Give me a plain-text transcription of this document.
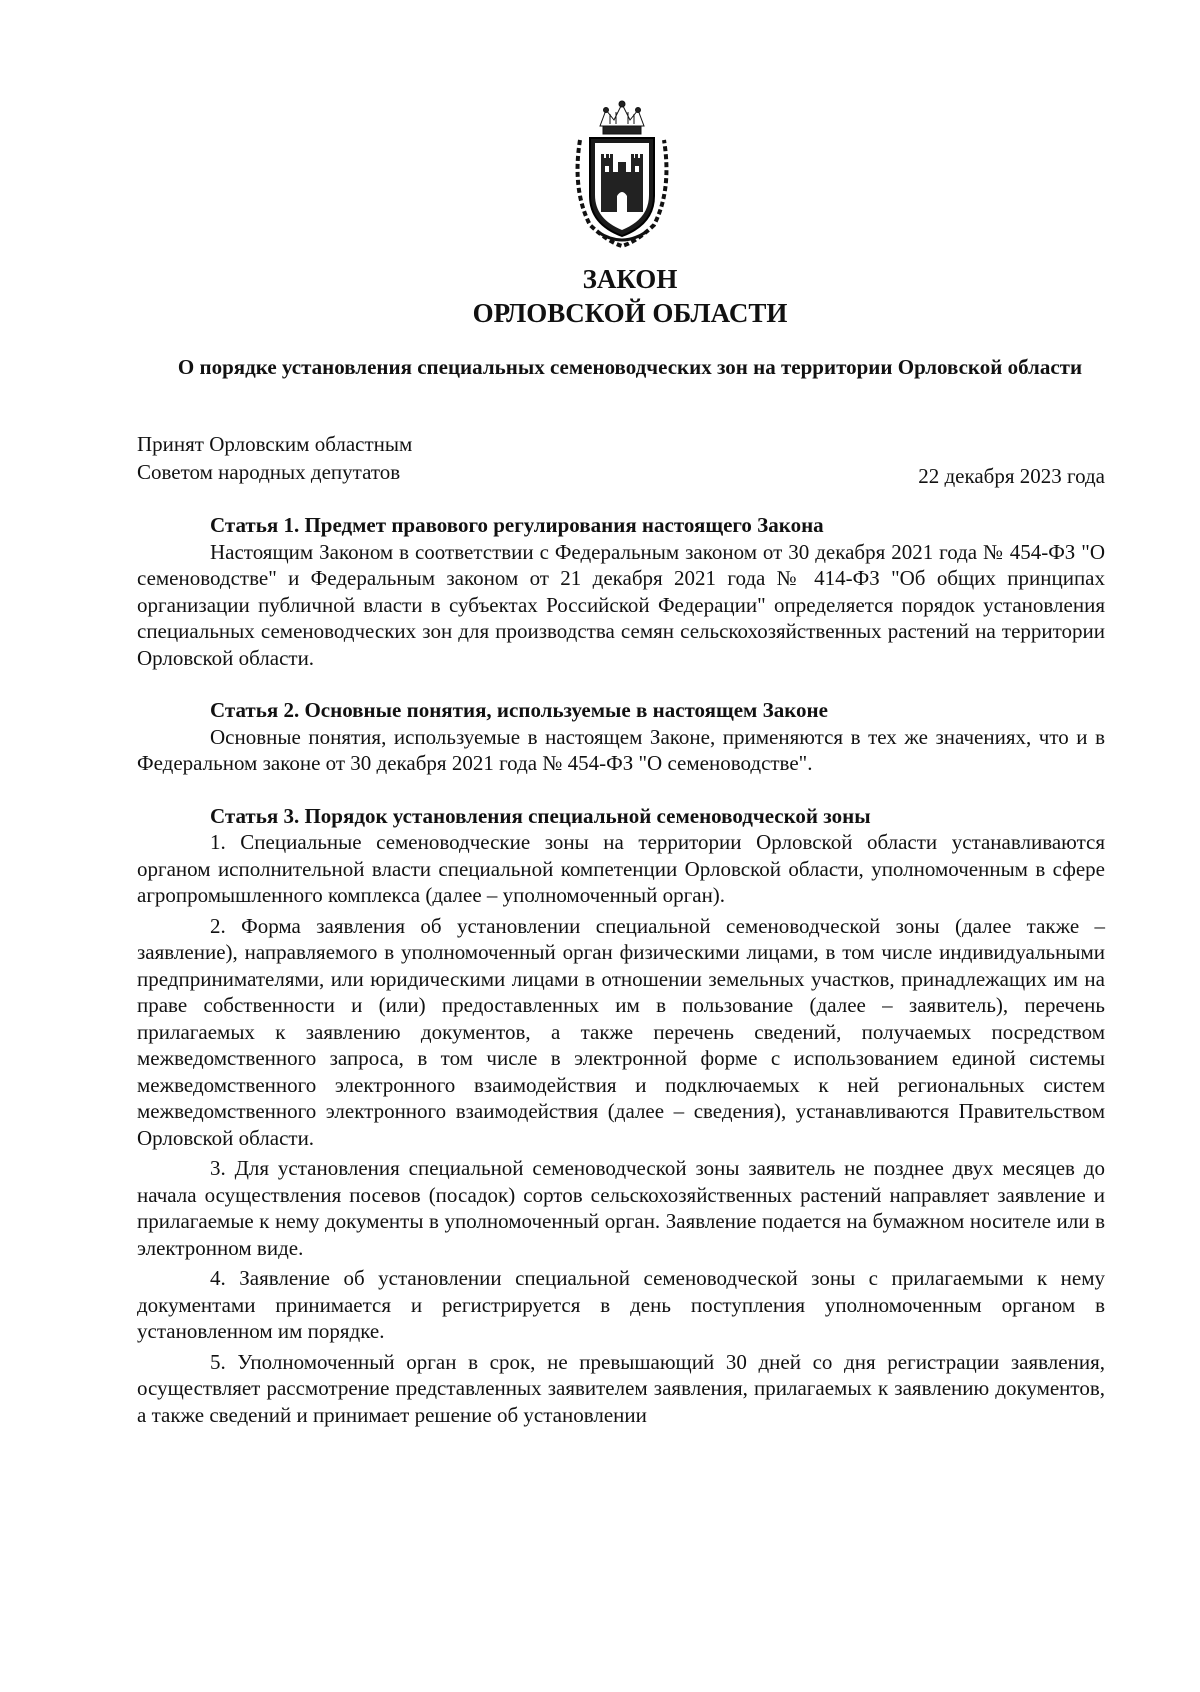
ЗАКОН
ОРЛОВСКОЙ ОБЛАСТИ
О порядке установления специальных семеноводческих зон на территории Орловской области
Принят Орловским областным
Советом народных депутатов	22 декабря 2023 года

Статья 1. Предмет правового регулирования настоящего Закона

Настоящим Законом в соответствии с Федеральным законом от 30 декабря 2021 года № 454-ФЗ "О семеноводстве" и Федеральным законом от 21 декабря 2021 года № 414-ФЗ "Об общих принципах организации публичной власти в субъектах Российской Федерации" определяется порядок установления специальных семеноводческих зон для производства семян сельскохозяйственных растений на территории Орловской области.

Статья 2. Основные понятия, используемые в настоящем Законе

Основные понятия, используемые в настоящем Законе, применяются в тех же значениях, что и в Федеральном законе от 30 декабря 2021 года № 454-ФЗ "О семеноводстве".

Статья 3. Порядок установления специальной семеноводческой зоны

1. Специальные семеноводческие зоны на территории Орловской области устанавливаются органом исполнительной власти специальной компетенции Орловской области, уполномоченным в сфере агропромышленного комплекса (далее – уполномоченный орган).

2. Форма заявления об установлении специальной семеноводческой зоны (далее также – заявление), направляемого в уполномоченный орган физическими лицами, в том числе индивидуальными предпринимателями, или юридическими лицами в отношении земельных участков, принадлежащих им на праве собственности и (или) предоставленных им в пользование (далее – заявитель), перечень прилагаемых к заявлению документов, а также перечень сведений, получаемых посредством межведомственного запроса, в том числе в электронной форме с использованием единой системы межведомственного электронного взаимодействия и подключаемых к ней региональных систем межведомственного электронного взаимодействия (далее – сведения), устанавливаются Правительством Орловской области.

3. Для установления специальной семеноводческой зоны заявитель не позднее двух месяцев до начала осуществления посевов (посадок) сортов сельскохозяйственных растений направляет заявление и прилагаемые к нему документы в уполномоченный орган. Заявление подается на бумажном носителе или в электронном виде.

4. Заявление об установлении специальной семеноводческой зоны с прилагаемыми к нему документами принимается и регистрируется в день поступления уполномоченным органом в установленном им порядке.

5. Уполномоченный орган в срок, не превышающий 30 дней со дня регистрации заявления, осуществляет рассмотрение представленных заявителем заявления, прилагаемых к заявлению документов, а также сведений и принимает решение об установлении
